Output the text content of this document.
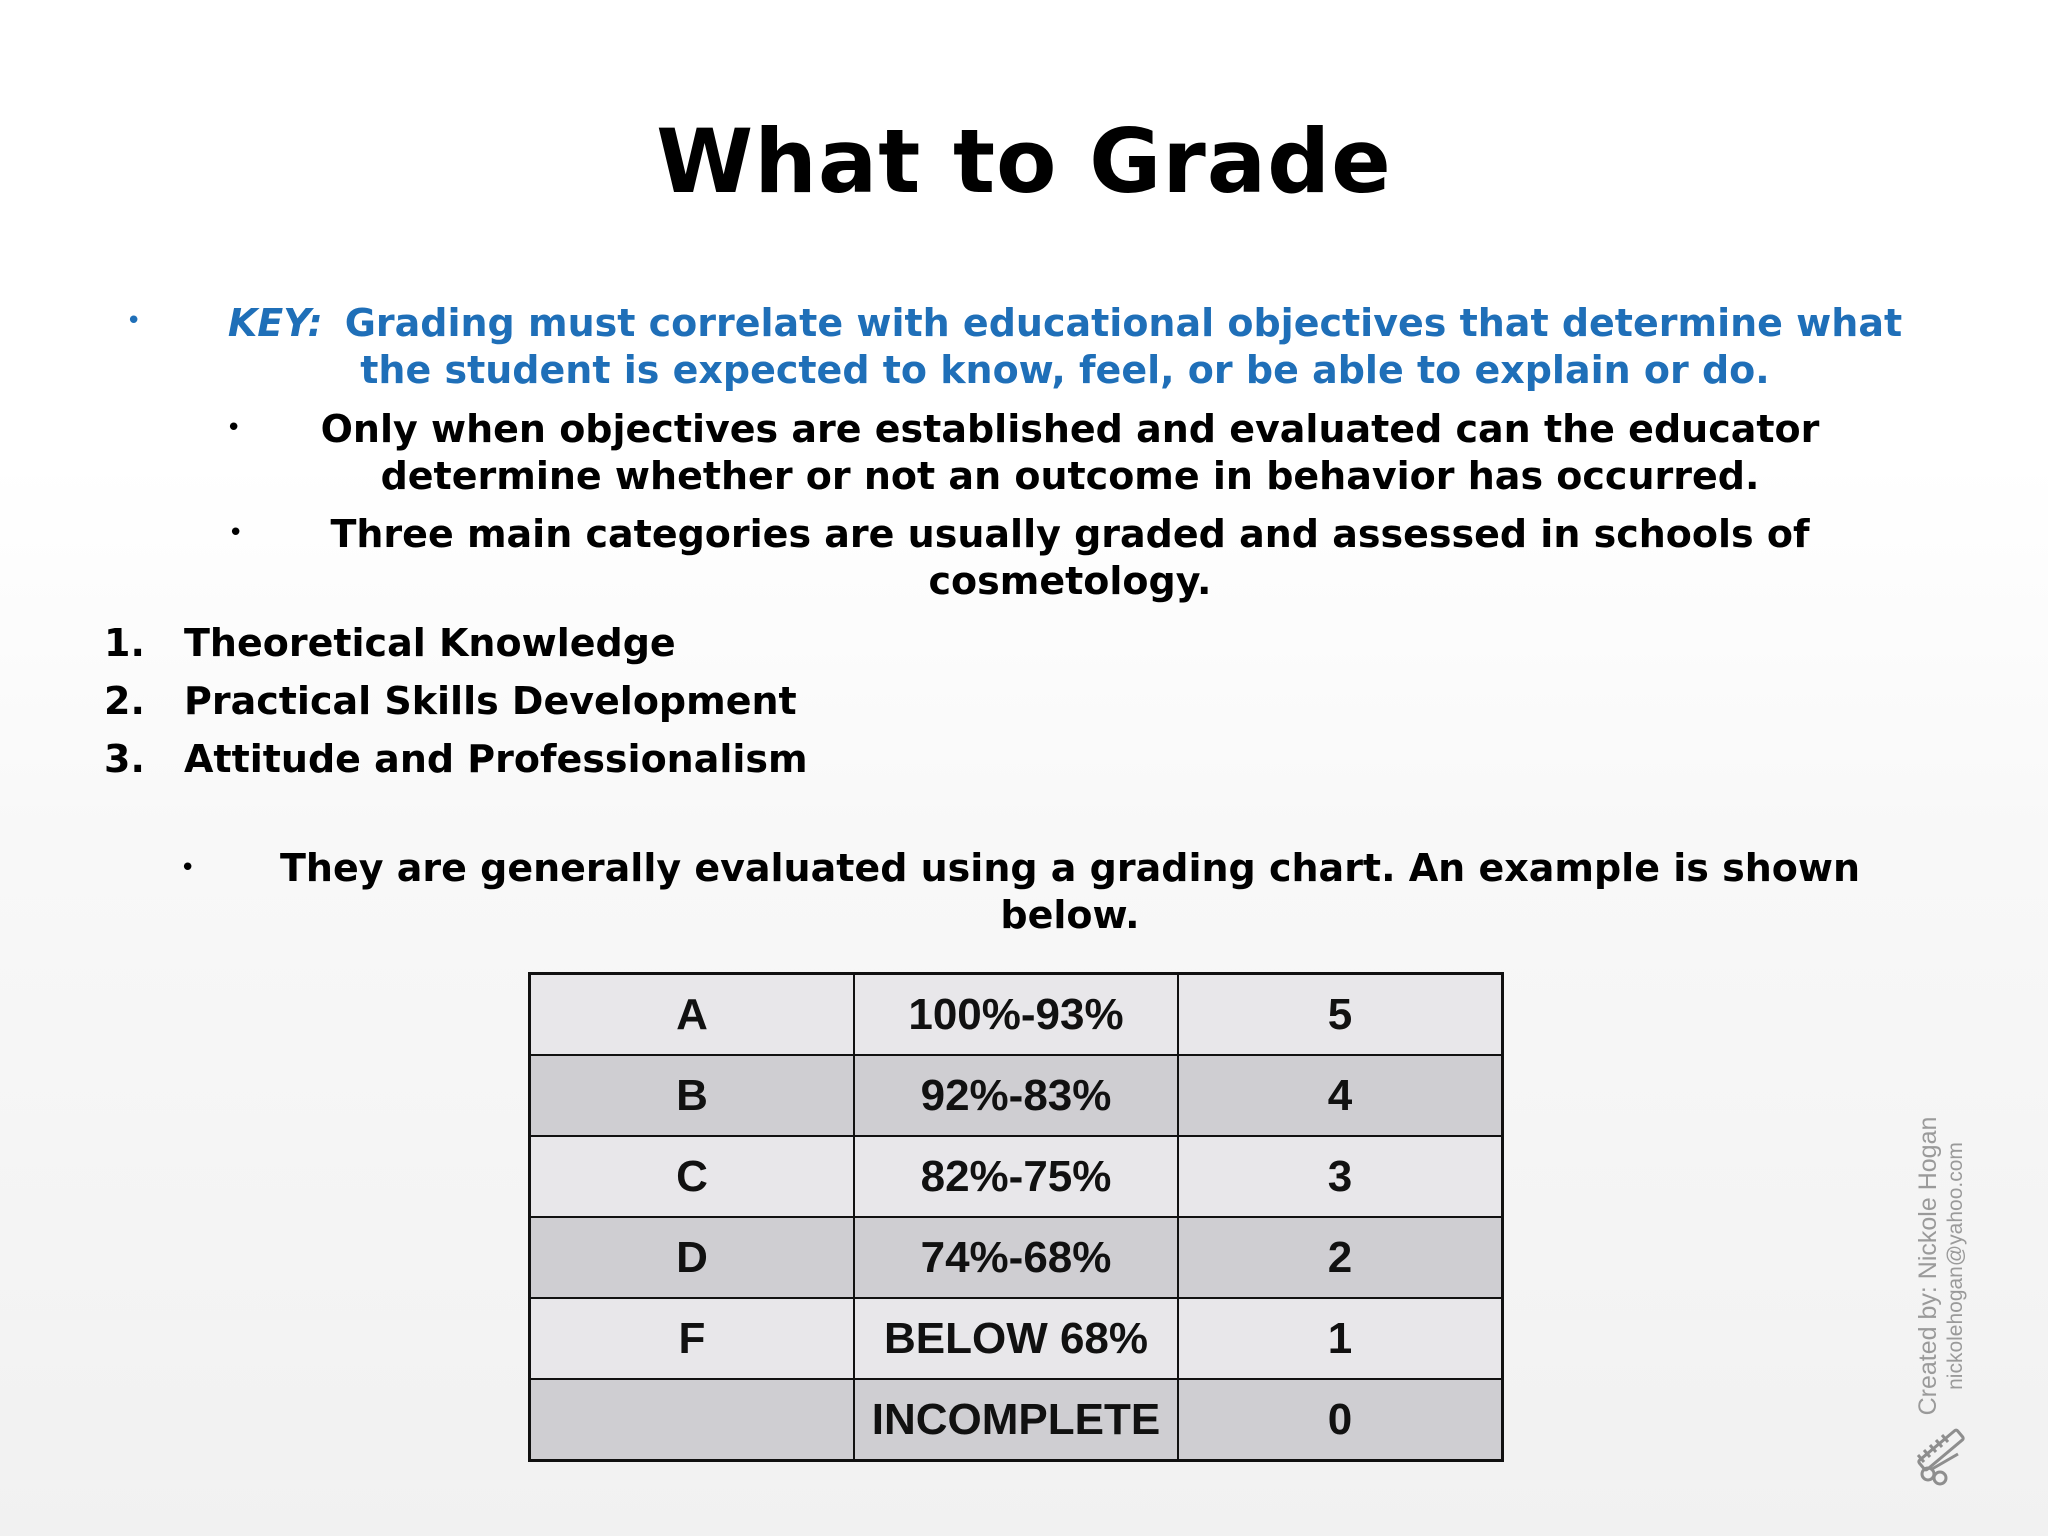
What to Grade
•	KEY: Grading must correlate with educational objectives that determine what the student is expected to know, feel, or be able to explain or do.
•	Only when objectives are established and evaluated can the educator determine whether or not an outcome in behavior has occurred.
•	Three main categories are usually graded and assessed in schools of cosmetology.
1. Theoretical Knowledge
2. Practical Skills Development
3. Attitude and Professionalism
•	They are generally evaluated using a grading chart. An example is shown below.
A	100%-93%	5
B	92%-83%	4
C	82%-75%	3
D	74%-68%	2
F	BELOW 68%	1
	INCOMPLETE	0
Created by: Nickole Hogan nickolehogan@yahoo.com
